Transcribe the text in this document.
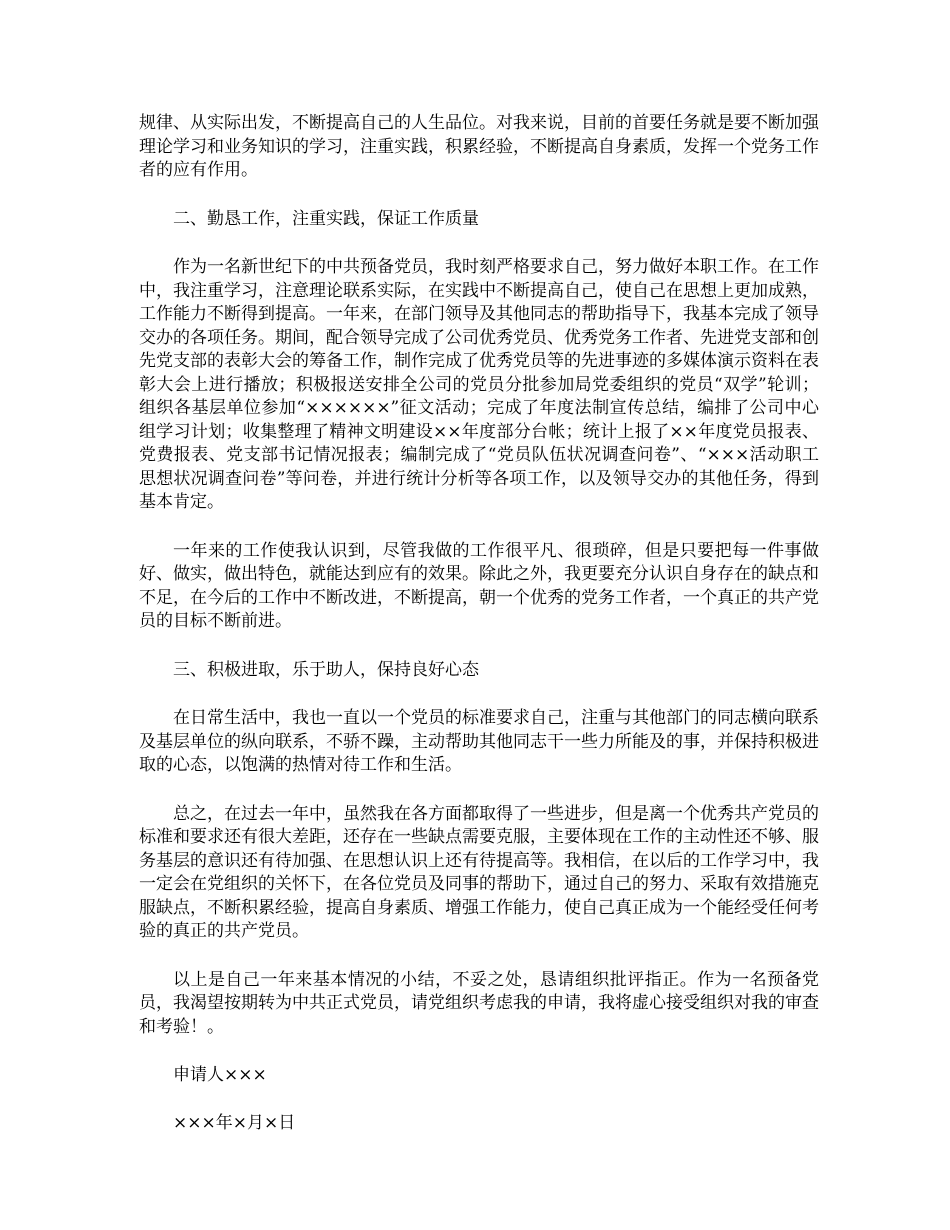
规律、从实际出发，不断提高自己的人生品位。对我来说，目前的首要任务就是要不断加强理论学习和业务知识的学习，注重实践，积累经验，不断提高自身素质，发挥一个党务工作者的应有作用。

二、勤恳工作，注重实践，保证工作质量

作为一名新世纪下的中共预备党员，我时刻严格要求自己，努力做好本职工作。在工作中，我注重学习，注意理论联系实际，在实践中不断提高自己，使自己在思想上更加成熟，工作能力不断得到提高。一年来，在部门领导及其他同志的帮助指导下，我基本完成了领导交办的各项任务。期间，配合领导完成了公司优秀党员、优秀党务工作者、先进党支部和创先党支部的表彰大会的筹备工作，制作完成了优秀党员等的先进事迹的多媒体演示资料在表彰大会上进行播放；积极报送安排全公司的党员分批参加局党委组织的党员“双学”轮训；组织各基层单位参加“××××××”征文活动；完成了年度法制宣传总结，编排了公司中心组学习计划；收集整理了精神文明建设××年度部分台帐；统计上报了××年度党员报表、党费报表、党支部书记情况报表；编制完成了“党员队伍状况调查问卷”、“×××活动职工思想状况调查问卷”等问卷，并进行统计分析等各项工作，以及领导交办的其他任务，得到基本肯定。

一年来的工作使我认识到，尽管我做的工作很平凡、很琐碎，但是只要把每一件事做好、做实，做出特色，就能达到应有的效果。除此之外，我更要充分认识自身存在的缺点和不足，在今后的工作中不断改进，不断提高，朝一个优秀的党务工作者，一个真正的共产党员的目标不断前进。

三、积极进取，乐于助人，保持良好心态

在日常生活中，我也一直以一个党员的标准要求自己，注重与其他部门的同志横向联系及基层单位的纵向联系，不骄不躁，主动帮助其他同志干一些力所能及的事，并保持积极进取的心态，以饱满的热情对待工作和生活。

总之，在过去一年中，虽然我在各方面都取得了一些进步，但是离一个优秀共产党员的标准和要求还有很大差距，还存在一些缺点需要克服，主要体现在工作的主动性还不够、服务基层的意识还有待加强、在思想认识上还有待提高等。我相信，在以后的工作学习中，我一定会在党组织的关怀下，在各位党员及同事的帮助下，通过自己的努力、采取有效措施克服缺点，不断积累经验，提高自身素质、增强工作能力，使自己真正成为一个能经受任何考验的真正的共产党员。

以上是自己一年来基本情况的小结，不妥之处，恳请组织批评指正。作为一名预备党员，我渴望按期转为中共正式党员，请党组织考虑我的申请，我将虚心接受组织对我的审查和考验！。

申请人×××

×××年×月×日
